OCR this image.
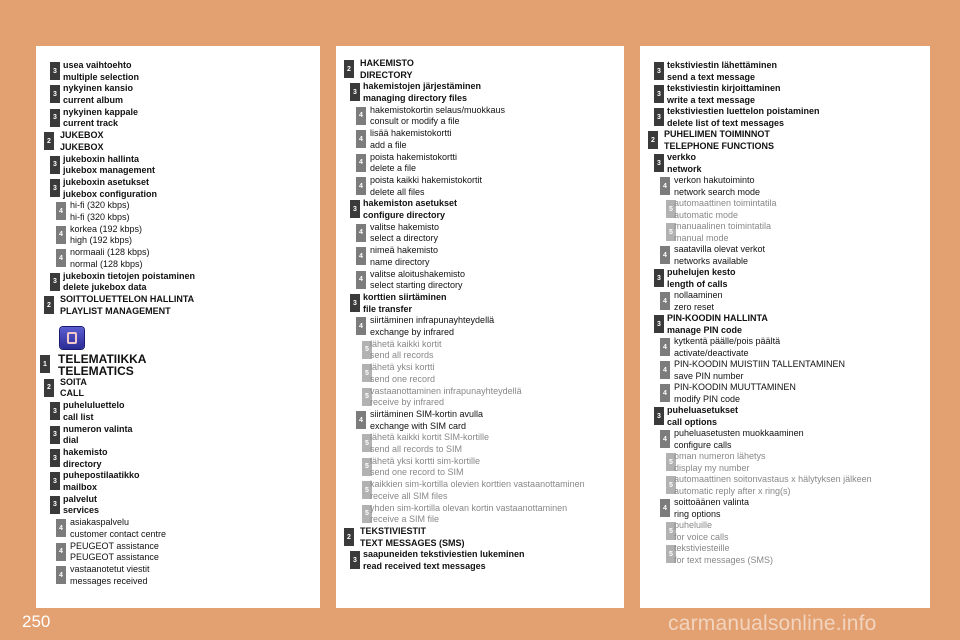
3
usea vaihtoehto
multiple selection
3
nykyinen kansio
current album
3
nykyinen kappale
current track
2
JUKEBOX
JUKEBOX
3
jukeboxin hallinta
jukebox management
3
jukeboxin asetukset
jukebox configuration
4
hi-fi (320 kbps)
hi-fi (320 kbps)
4
korkea (192 kbps)
high (192 kbps)
4
normaali (128 kbps)
normal (128 kbps)
3
jukeboxin tietojen poistaminen
delete jukebox data
2
SOITTOLUETTELON HALLINTA
PLAYLIST MANAGEMENT
1 TELEMATIIKKA
TELEMATICS
2
SOITA
CALL
3
puheluluettelo
call list
3
numeron valinta
dial
3
hakemisto
directory
3
puhepostilaatikko
mailbox
3
palvelut
services
4
asiakaspalvelu
customer contact centre
4
PEUGEOT assistance
PEUGEOT assistance
4
vastaanotetut viestit
messages received
2
HAKEMISTO
DIRECTORY
3
hakemistojen järjestäminen
managing directory files
4
hakemistokortin selaus/muokkaus
consult or modify a file
4
lisää hakemistokortti
add a file
4
poista hakemistokortti
delete a file
4
poista kaikki hakemistokortit
delete all files
3
hakemiston asetukset
configure directory
4
valitse hakemisto
select a directory
4
nimeä hakemisto
name directory
4
valitse aloitushakemisto
select starting directory
3
korttien siirtäminen
file transfer
4
siirtäminen infrapunayhteydellä
exchange by infrared
5
lähetä kaikki kortit
send all records
5
lähetä yksi kortti
send one record
5
vastaanottaminen infrapunayhteydellä
receive by infrared
4
siirtäminen SIM-kortin avulla
exchange with SIM card
5
lähetä kaikki kortit SIM-kortille
send all records to SIM
5
lähetä yksi kortti sim-kortille
send one record to SIM
5
kaikkien sim-kortilla olevien korttien vastaanottaminen
receive all SIM files
5
yhden sim-kortilla olevan kortin vastaanottaminen
receive a SIM file
2
TEKSTIVIESTIT
TEXT MESSAGES (SMS)
3
saapuneiden tekstiviestien lukeminen
read received text messages
3
tekstiviestin lähettäminen
send a text message
3
tekstiviestin kirjoittaminen
write a text message
3
tekstiviestien luettelon poistaminen
delete list of text messages
2
PUHELIMEN TOIMINNOT
TELEPHONE FUNCTIONS
3
verkko
network
4
verkon hakutoiminto
network search mode
5
automaattinen toimintatila
automatic mode
5
manuaalinen toimintatila
manual mode
4
saatavilla olevat verkot
networks available
3
puhelujen kesto
length of calls
4
nollaaminen
zero reset
3
PIN-KOODIN HALLINTA
manage PIN code
4
kytkentä päälle/pois päältä
activate/deactivate
4
PIN-KOODIN MUISTIIN TALLENTAMINEN
save PIN number
4
PIN-KOODIN MUUTTAMINEN
modify PIN code
3
puheluasetukset
call options
4
puheluasetusten muokkaaminen
configure calls
5
oman numeron lähetys
display my number
5
automaattinen soitonvastaus x hälytyksen jälkeen
automatic reply after x ring(s)
4
soittoäänen valinta
ring options
5
puheluille
for voice calls
5
tekstiviesteille
for text messages (SMS)
250	carmanualsonline.info
